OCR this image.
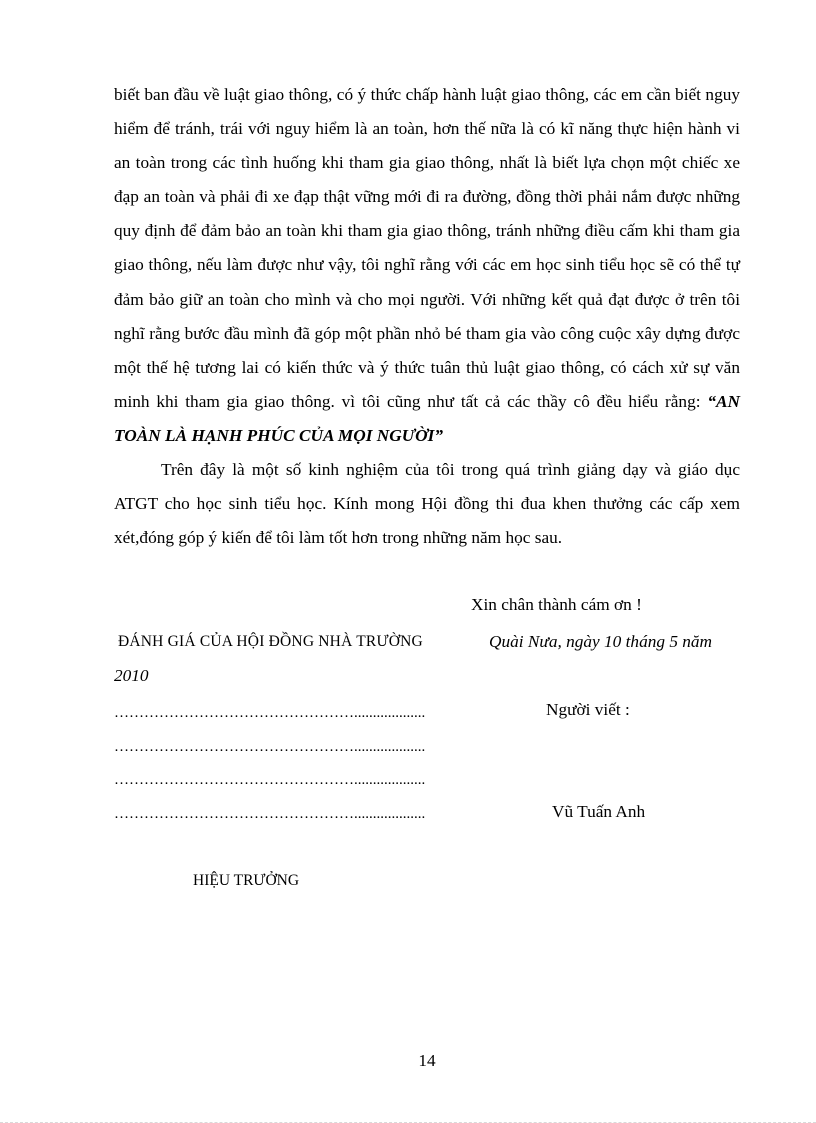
biết ban đầu về luật giao thông, có ý thức chấp hành luật giao thông, các em cần biết nguy hiểm để tránh, trái với nguy hiểm là an toàn, hơn thế nữa là có kĩ năng thực hiện hành vi an toàn trong các tình huống khi tham gia giao thông, nhất là biết lựa chọn một chiếc xe đạp an toàn và phải đi xe đạp thật vững mới đi ra đường, đồng thời phải nắm được những quy định để đảm bảo an toàn khi tham gia giao thông, tránh những điều cấm khi tham gia giao thông, nếu làm được như vậy, tôi nghĩ rằng với các em học sinh tiểu học sẽ có thể tự đảm bảo giữ an toàn cho mình và cho mọi người. Với những kết quả đạt được ở trên tôi nghĩ rằng bước đầu mình đã góp một phần nhỏ bé tham gia vào công cuộc xây dựng được một thế hệ tương lai có kiến thức và ý thức tuân thủ luật giao thông, có cách xử sự văn minh khi tham gia giao thông. vì tôi cũng như tất cả các thầy cô đều hiểu rằng: “AN TOÀN LÀ HẠNH PHÚC CỦA MỌI NGƯỜI”

Trên đây là một số kinh nghiệm của tôi trong quá trình giảng dạy và giáo dục ATGT cho học sinh tiểu học. Kính mong Hội đồng thi đua khen thưởng các cấp xem xét,đóng góp ý kiến để tôi làm tốt hơn trong những năm học sau.

Xin chân thành cám ơn !
ĐÁNH GIÁ CỦA HỘI ĐỒNG NHÀ TRƯỜNG	Quài Nưa, ngày 10 tháng 5 năm
2010
…………………………………………...................
…………………………………………...................
…………………………………………...................
…………………………………………...................
Người viết :
Vũ Tuấn Anh
HIỆU TRƯỞNG
14
